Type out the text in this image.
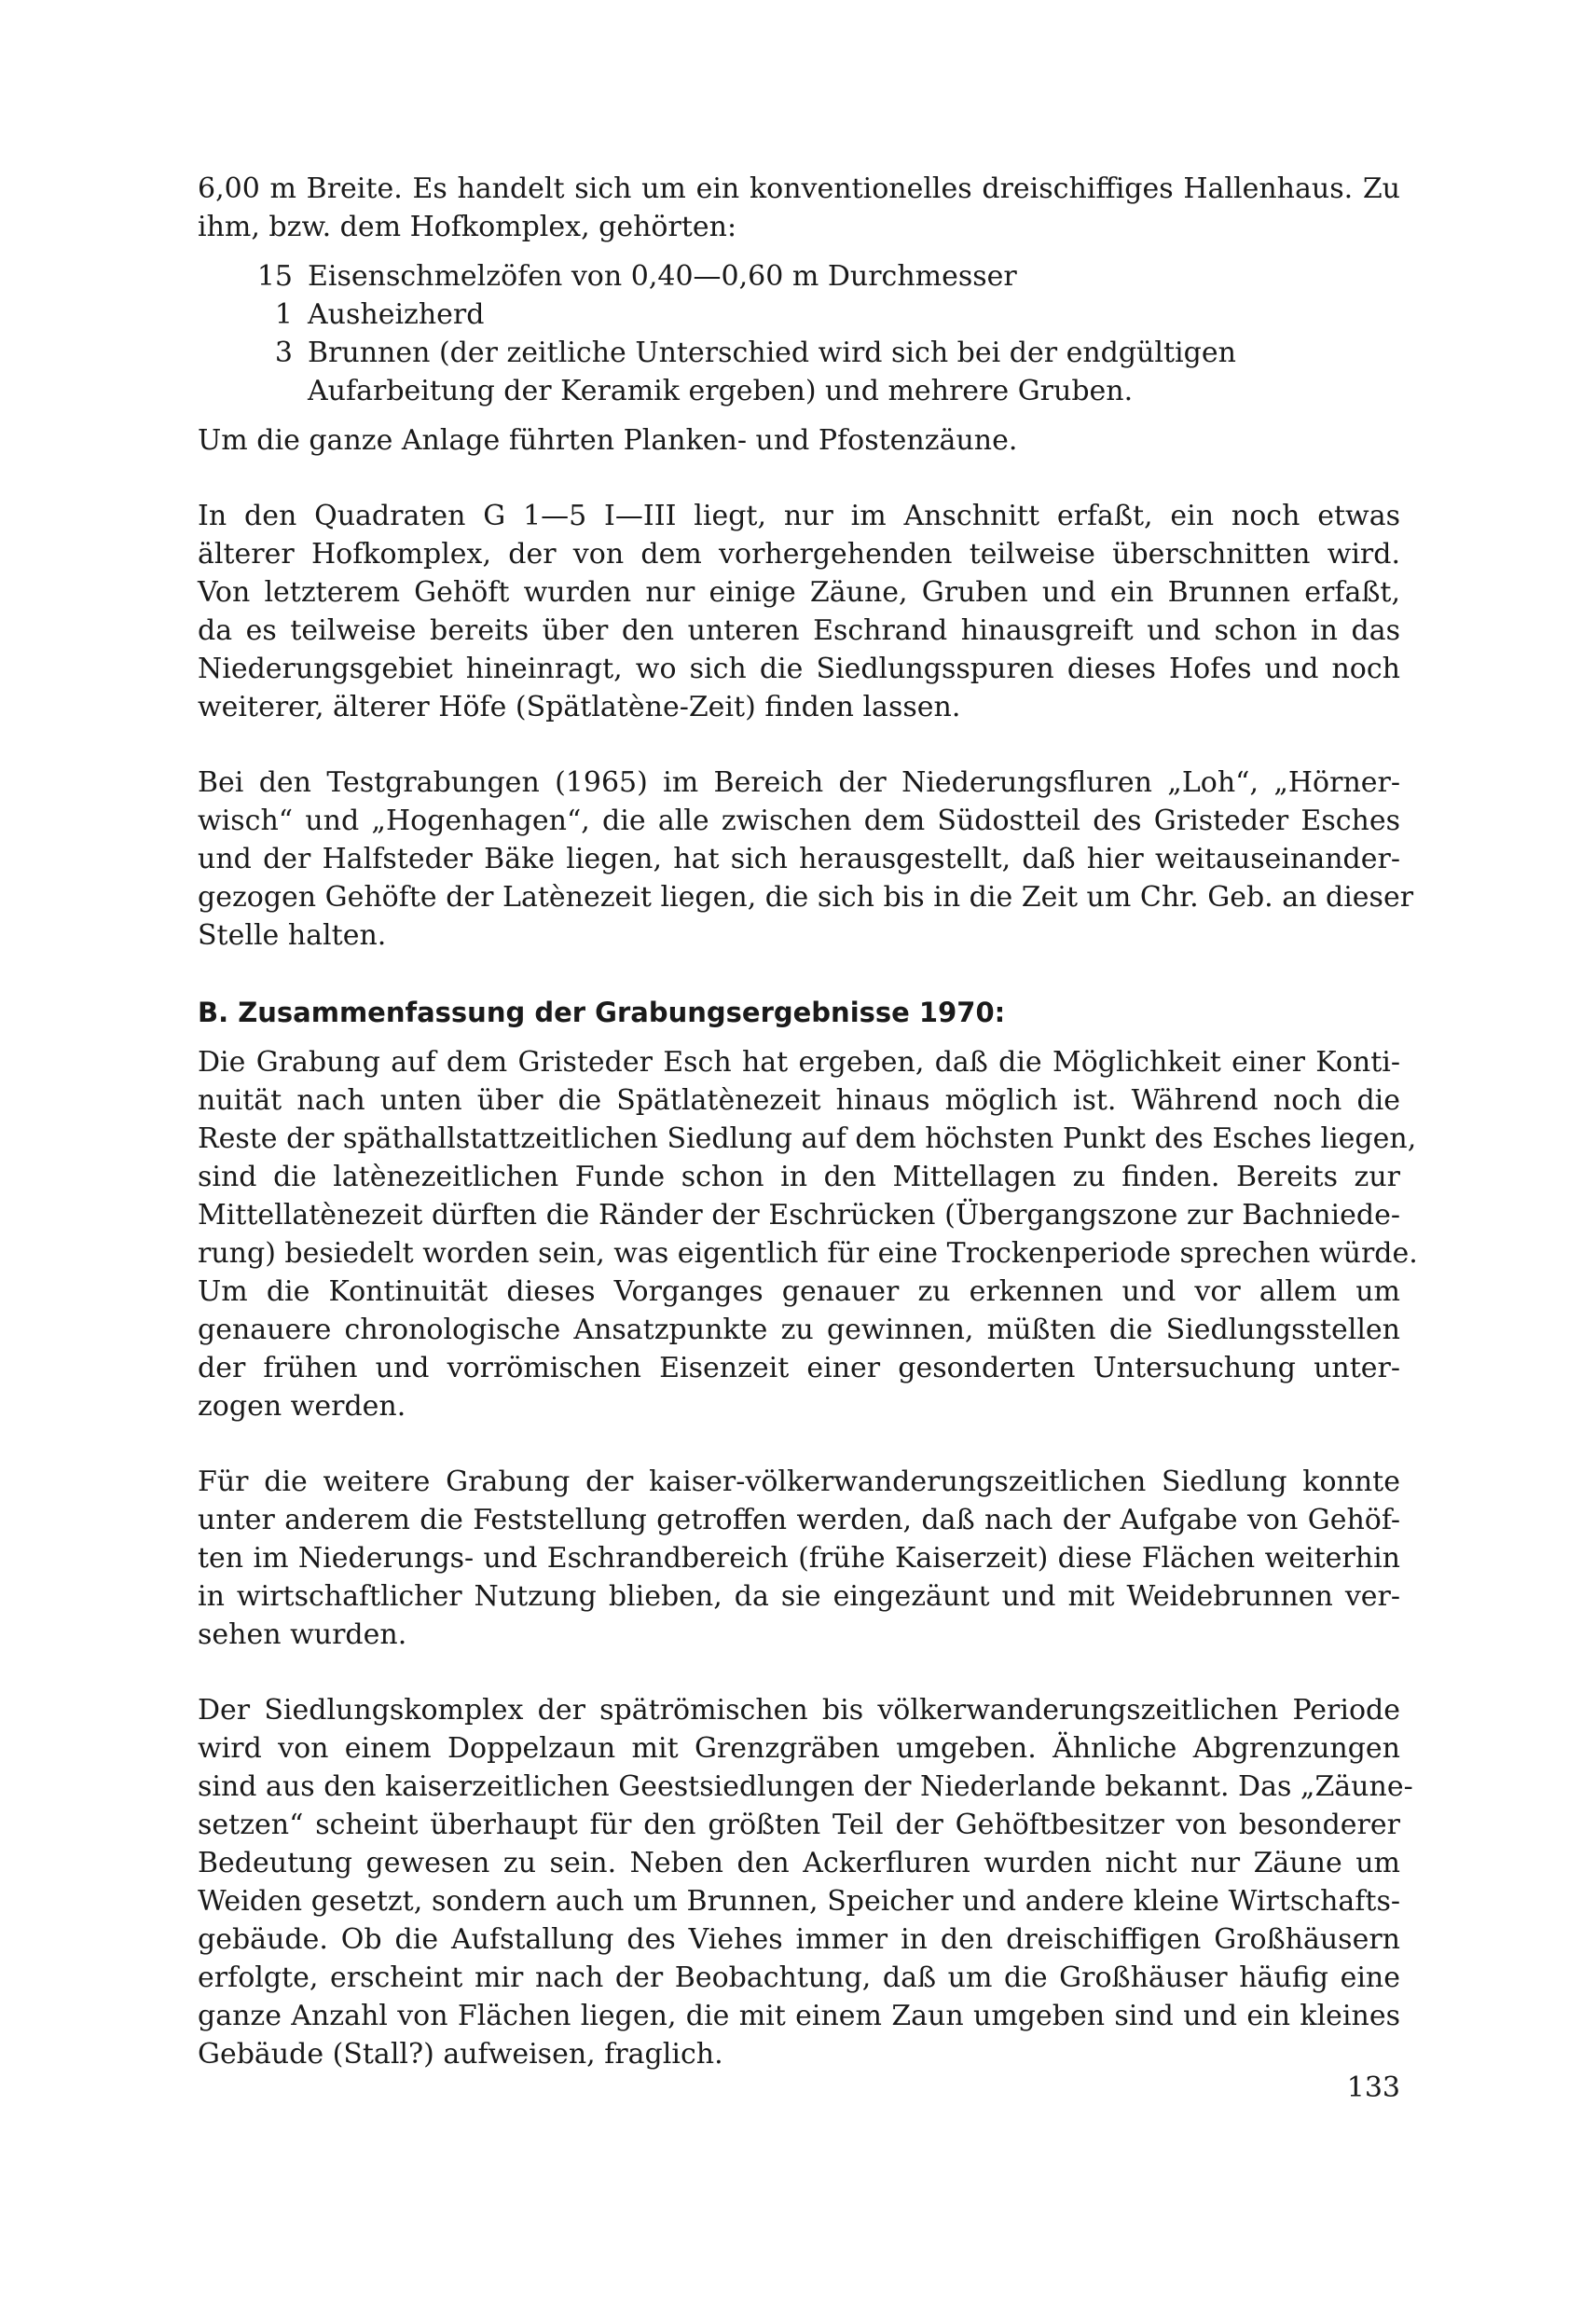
6,00 m Breite. Es handelt sich um ein konventionelles dreischiffiges Hallenhaus. Zu
ihm, bzw. dem Hofkomplex, gehörten:
15 Eisenschmelzöfen von 0,40—0,60 m Durchmesser
1 Ausheizherd
3 Brunnen (der zeitliche Unterschied wird sich bei der endgültigen
Aufarbeitung der Keramik ergeben) und mehrere Gruben.
Um die ganze Anlage führten Planken- und Pfostenzäune.
In den Quadraten G 1—5 I—III liegt, nur im Anschnitt erfaßt, ein noch etwas
älterer Hofkomplex, der von dem vorhergehenden teilweise überschnitten wird.
Von letzterem Gehöft wurden nur einige Zäune, Gruben und ein Brunnen erfaßt,
da es teilweise bereits über den unteren Eschrand hinausgreift und schon in das
Niederungsgebiet hineinragt, wo sich die Siedlungsspuren dieses Hofes und noch
weiterer, älterer Höfe (Spätlatène-Zeit) finden lassen.
Bei den Testgrabungen (1965) im Bereich der Niederungsfluren „Loh“, „Hörner-
wisch“ und „Hogenhagen“, die alle zwischen dem Südostteil des Gristeder Esches
und der Halfsteder Bäke liegen, hat sich herausgestellt, daß hier weitauseinander-
gezogen Gehöfte der Latènezeit liegen, die sich bis in die Zeit um Chr. Geb. an dieser
Stelle halten.
B. Zusammenfassung der Grabungsergebnisse 1970:
Die Grabung auf dem Gristeder Esch hat ergeben, daß die Möglichkeit einer Konti-
nuität nach unten über die Spätlatènezeit hinaus möglich ist. Während noch die
Reste der späthallstattzeitlichen Siedlung auf dem höchsten Punkt des Esches liegen,
sind die latènezeitlichen Funde schon in den Mittellagen zu finden. Bereits zur
Mittellatènezeit dürften die Ränder der Eschrücken (Übergangszone zur Bachniede-
rung) besiedelt worden sein, was eigentlich für eine Trockenperiode sprechen würde.
Um die Kontinuität dieses Vorganges genauer zu erkennen und vor allem um
genauere chronologische Ansatzpunkte zu gewinnen, müßten die Siedlungsstellen
der frühen und vorrömischen Eisenzeit einer gesonderten Untersuchung unter-
zogen werden.
Für die weitere Grabung der kaiser-völkerwanderungszeitlichen Siedlung konnte
unter anderem die Feststellung getroffen werden, daß nach der Aufgabe von Gehöf-
ten im Niederungs- und Eschrandbereich (frühe Kaiserzeit) diese Flächen weiterhin
in wirtschaftlicher Nutzung blieben, da sie eingezäunt und mit Weidebrunnen ver-
sehen wurden.
Der Siedlungskomplex der spätrömischen bis völkerwanderungszeitlichen Periode
wird von einem Doppelzaun mit Grenzgräben umgeben. Ähnliche Abgrenzungen
sind aus den kaiserzeitlichen Geestsiedlungen der Niederlande bekannt. Das „Zäune-
setzen“ scheint überhaupt für den größten Teil der Gehöftbesitzer von besonderer
Bedeutung gewesen zu sein. Neben den Ackerfluren wurden nicht nur Zäune um
Weiden gesetzt, sondern auch um Brunnen, Speicher und andere kleine Wirtschafts-
gebäude. Ob die Aufstallung des Viehes immer in den dreischiffigen Großhäusern
erfolgte, erscheint mir nach der Beobachtung, daß um die Großhäuser häufig eine
ganze Anzahl von Flächen liegen, die mit einem Zaun umgeben sind und ein kleines
Gebäude (Stall?) aufweisen, fraglich.
133
